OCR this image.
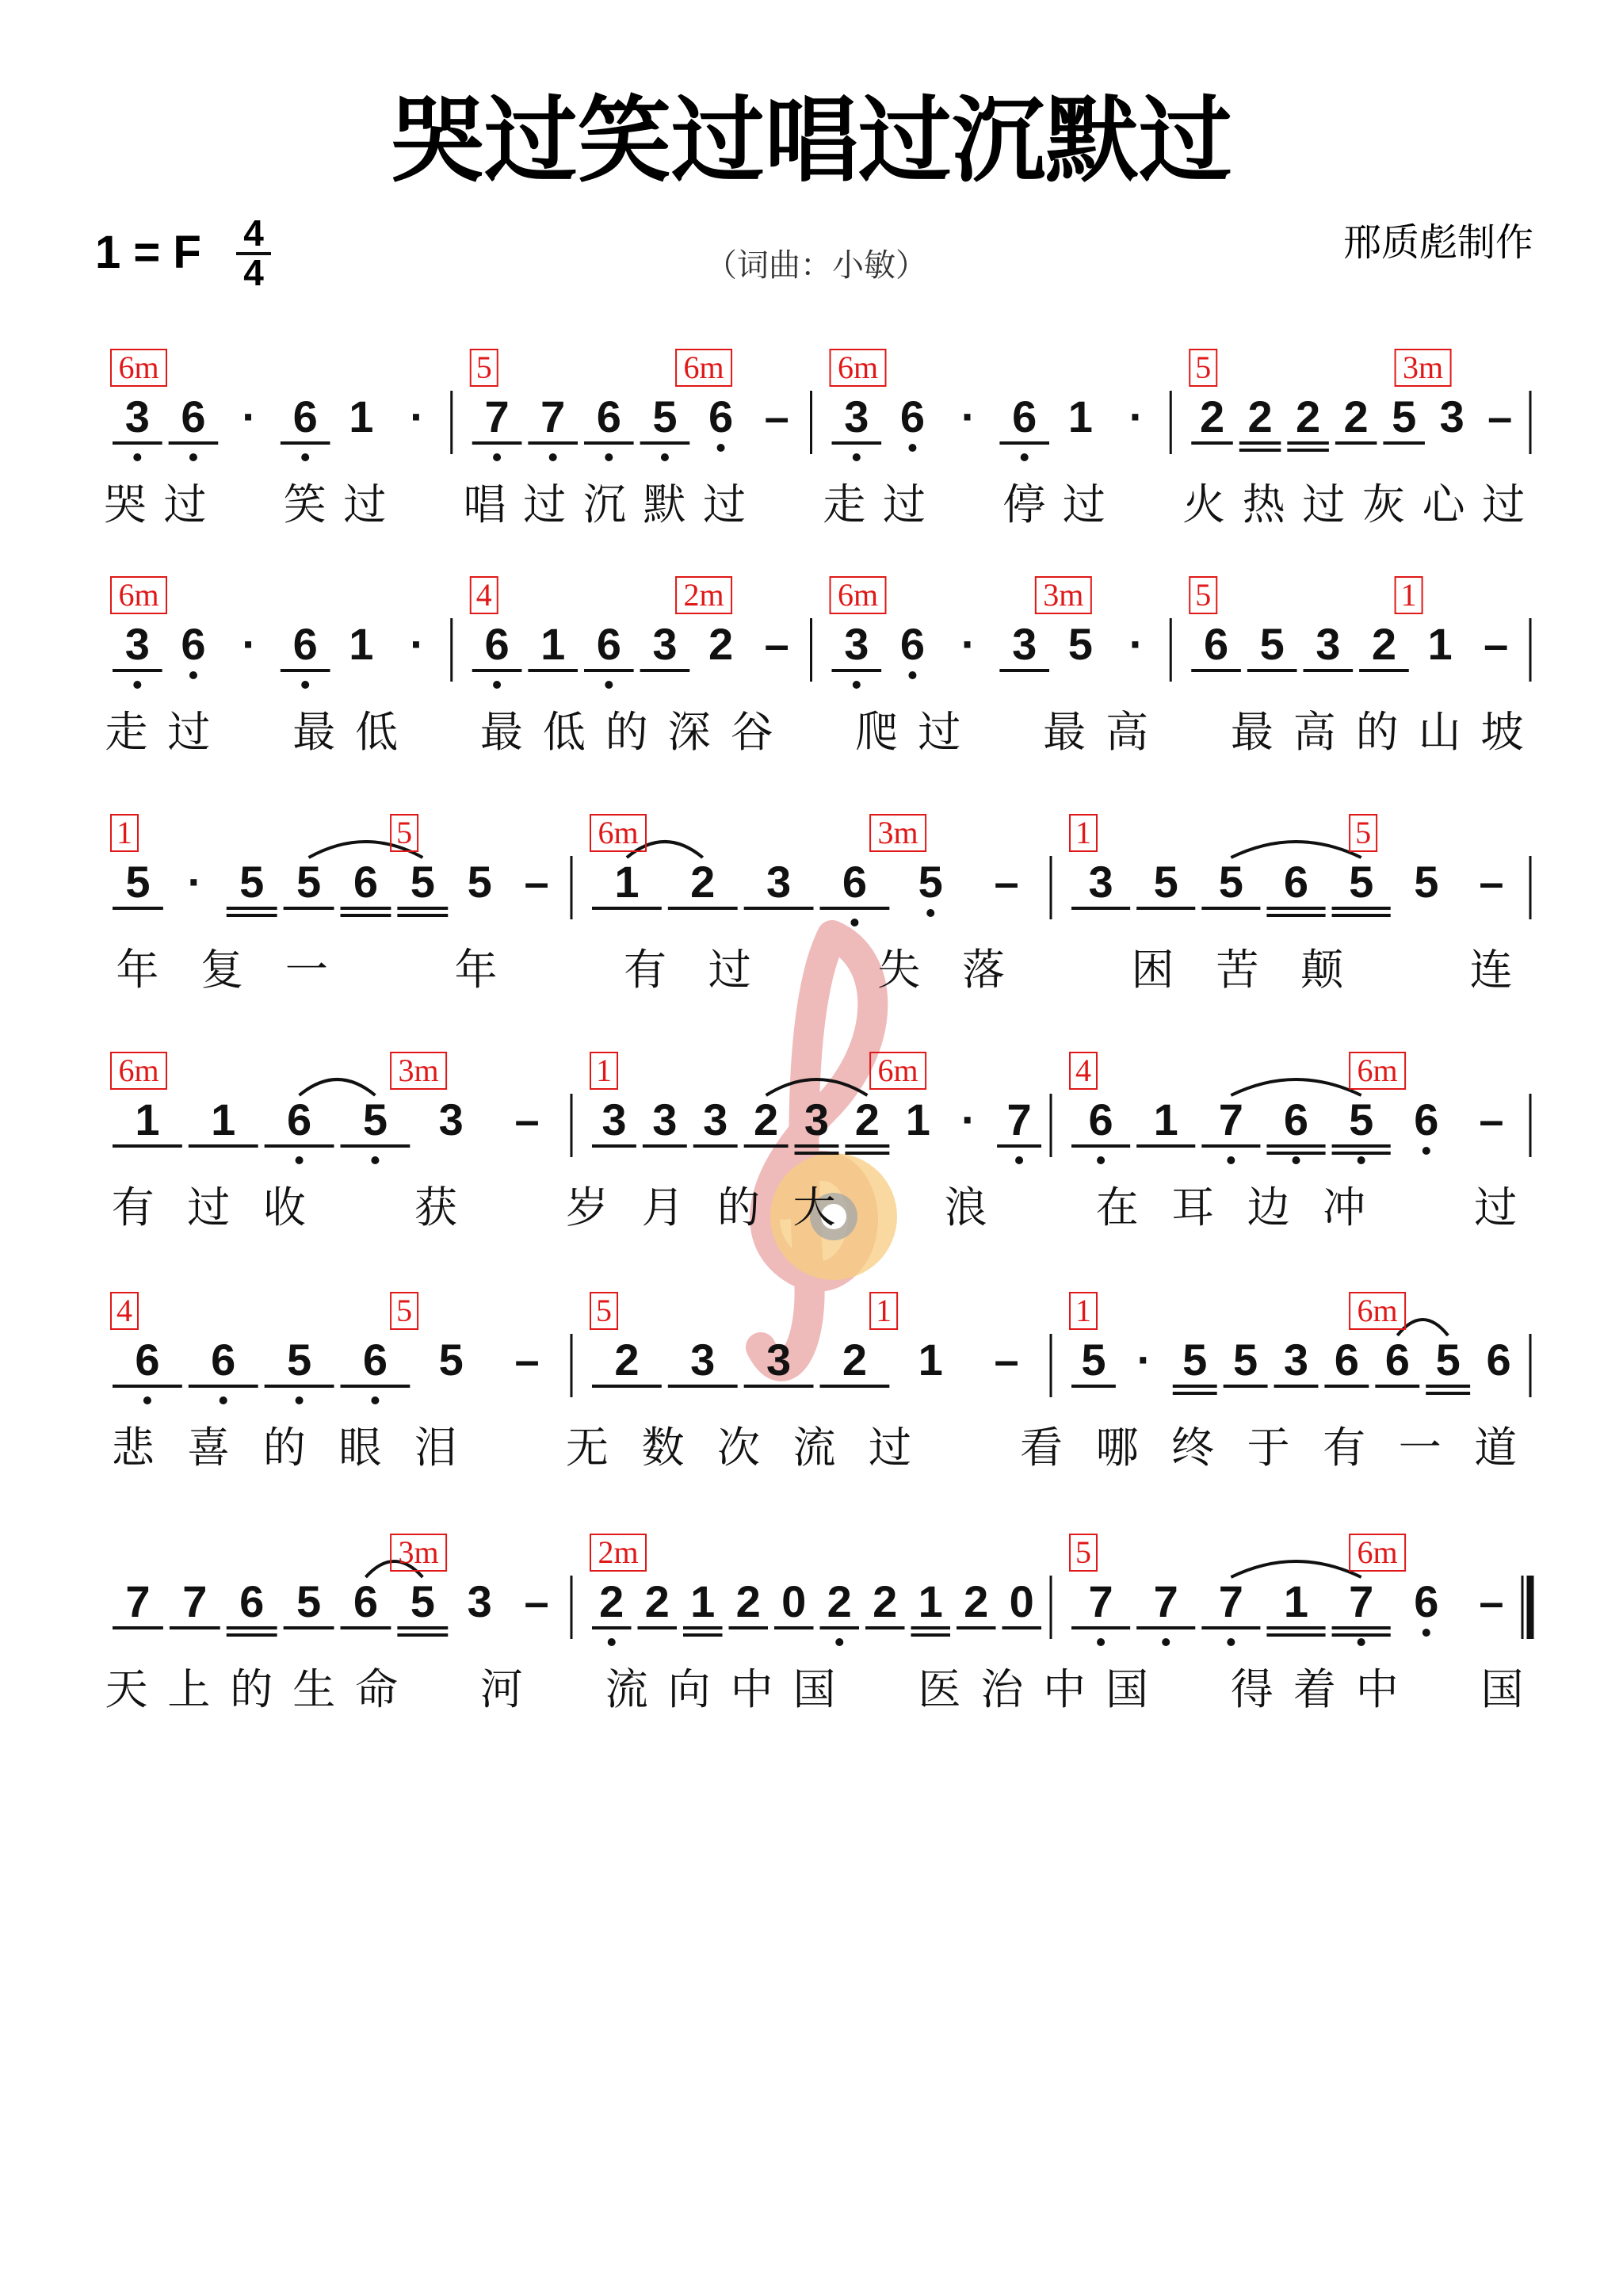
哭过笑过唱过沉默过
1 = F 4
4	（词曲：小敏）
邢质彪制作
3 6 · 6 1 ·
6m
7 7 6 5 6 –
5	6m
3 6 · 6 1 ·
6m
2 2 2 2 5 3 –
5	3m
哭 过 笑 过 唱 过 沉 默 过 走 过 停 过 火 热 过 灰 心 过
3 6 · 6 1 ·
6m
6 1 6 3 2 –
4	2m
3 6 · 3 5 ·
6m	3m
6 5 3 2 1 –
5	1
走 过 最 低 最 低 的 深 谷 爬 过 最 高 最 高 的 山 坡
5 · 5 5 6 5 5 –
1	5
1 2 3 6 5 –
6m	3m
3 5 5 6 5 5 –
1	5
年 复 一	年	有 过	失 落	困 苦 颠	连
1 1 6 5 3 –
6m	3m
3 3 3 2 3 2 1 · 7
1	6m
6 1 7 6 5 6 –
4	6m
有 过 收	获	岁 月 的 大	浪	在 耳 边 冲	过
6 6 5 6 5 –
4	5
2 3 3 2 1 –
5	1
5 · 5 5 3 6 6 5 6
1	6m
悲 喜 的 眼 泪	无 数 次 流 过	看 哪 终 于 有 一 道
7 7 6 5 6 5 3 –
3m
2 2 1 2 0 2 2 1 2 0
2m
7 7 7 1 7 6 –
5	6m
天 上 的 生 命 河 流 向 中 国 医 治 中 国 得 着 中 国
